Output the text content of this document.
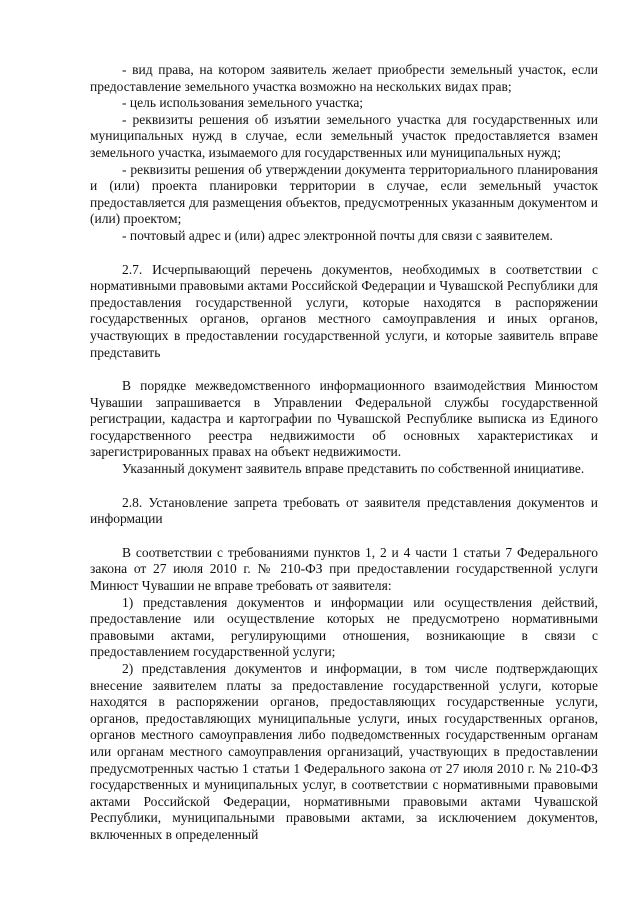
- вид права, на котором заявитель желает приобрести земельный участок, если предоставление земельного участка возможно на нескольких видах прав;

- цель использования земельного участка;

- реквизиты решения об изъятии земельного участка для государственных или муниципальных нужд в случае, если земельный участок предоставляется взамен земельного участка, изымаемого для государственных или муниципальных нужд;

- реквизиты решения об утверждении документа территориального планирования и (или) проекта планировки территории в случае, если земельный участок предоставляется для размещения объектов, предусмотренных указанным документом и (или) проектом;

- почтовый адрес и (или) адрес электронной почты для связи с заявителем.

2.7. Исчерпывающий перечень документов, необходимых в соответствии с нормативными правовыми актами Российской Федерации и Чувашской Республики для предоставления государственной услуги, которые находятся в распоряжении государственных органов, органов местного самоуправления и иных органов, участвующих в предоставлении государственной услуги, и которые заявитель вправе представить

В порядке межведомственного информационного взаимодействия Минюстом Чувашии запрашивается в Управлении Федеральной службы государственной регистрации, кадастра и картографии по Чувашской Республике выписка из Единого государственного реестра недвижимости об основных характеристиках и зарегистрированных правах на объект недвижимости.

Указанный документ заявитель вправе представить по собственной инициативе.

2.8. Установление запрета требовать от заявителя представления документов и информации

В соответствии с требованиями пунктов 1, 2 и 4 части 1 статьи 7 Федерального закона от 27 июля 2010 г. № 210-ФЗ при предоставлении государственной услуги Минюст Чувашии не вправе требовать от заявителя:

1) представления документов и информации или осуществления действий, предоставление или осуществление которых не предусмотрено нормативными правовыми актами, регулирующими отношения, возникающие в связи с предоставлением государственной услуги;

2) представления документов и информации, в том числе подтверждающих внесение заявителем платы за предоставление государственной услуги, которые находятся в распоряжении органов, предоставляющих государственные услуги, органов, предоставляющих муниципальные услуги, иных государственных органов, органов местного самоуправления либо подведомственных государственным органам или органам местного самоуправления организаций, участвующих в предоставлении предусмотренных частью 1 статьи 1 Федерального закона от 27 июля 2010 г. № 210-ФЗ государственных и муниципальных услуг, в соответствии с нормативными правовыми актами Российской Федерации, нормативными правовыми актами Чувашской Республики, муниципальными правовыми актами, за исключением документов, включенных в определенный
